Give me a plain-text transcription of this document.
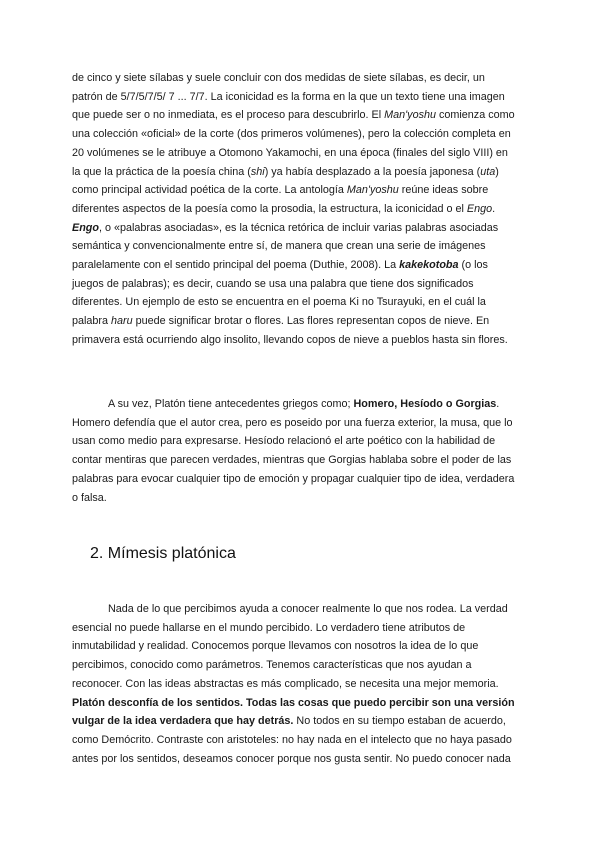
de cinco y siete sílabas y suele concluir con dos medidas de siete sílabas, es decir, un
patrón de 5/7/5/7/5/ 7 ... 7/7. La iconicidad es la forma en la que un texto tiene una imagen
que puede ser o no inmediata, es el proceso para descubrirlo. El Man'yoshu comienza como
una colección «oficial» de la corte (dos primeros volúmenes), pero la colección completa en
20 volúmenes se le atribuye a Otomono Yakamochi, en una época (finales del siglo VIII) en
la que la práctica de la poesía china (shi) ya había desplazado a la poesía japonesa (uta)
como principal actividad poética de la corte. La antología Man'yoshu reúne ideas sobre
diferentes aspectos de la poesía como la prosodia, la estructura, la iconicidad o el Engo.
Engo, o «palabras asociadas», es la técnica retórica de incluir varias palabras asociadas
semántica y convencionalmente entre sí, de manera que crean una serie de imágenes
paralelamente con el sentido principal del poema (Duthie, 2008). La kakekotoba (o los
juegos de palabras); es decir, cuando se usa una palabra que tiene dos significados
diferentes. Un ejemplo de esto se encuentra en el poema Ki no Tsurayuki, en el cuál la
palabra haru puede significar brotar o flores. Las flores representan copos de nieve. En
primavera está ocurriendo algo insolito, llevando copos de nieve a pueblos hasta sin flores.

A su vez, Platón tiene antecedentes griegos como; Homero, Hesíodo o Gorgias.
Homero defendía que el autor crea, pero es poseido por una fuerza exterior, la musa, que lo
usan como medio para expresarse. Hesíodo relacionó el arte poético con la habilidad de
contar mentiras que parecen verdades, mientras que Gorgias hablaba sobre el poder de las
palabras para evocar cualquier tipo de emoción y propagar cualquier tipo de idea, verdadera
o falsa.

2. Mímesis platónica

Nada de lo que percibimos ayuda a conocer realmente lo que nos rodea. La verdad
esencial no puede hallarse en el mundo percibido. Lo verdadero tiene atributos de
inmutabilidad y realidad. Conocemos porque llevamos con nosotros la idea de lo que
percibimos, conocido como parámetros. Tenemos características que nos ayudan a
reconocer. Con las ideas abstractas es más complicado, se necesita una mejor memoria.
Platón desconfía de los sentidos. Todas las cosas que puedo percibir son una versión
vulgar de la idea verdadera que hay detrás. No todos en su tiempo estaban de acuerdo,
como Demócrito. Contraste con aristoteles: no hay nada en el intelecto que no haya pasado
antes por los sentidos, deseamos conocer porque nos gusta sentir. No puedo conocer nada
